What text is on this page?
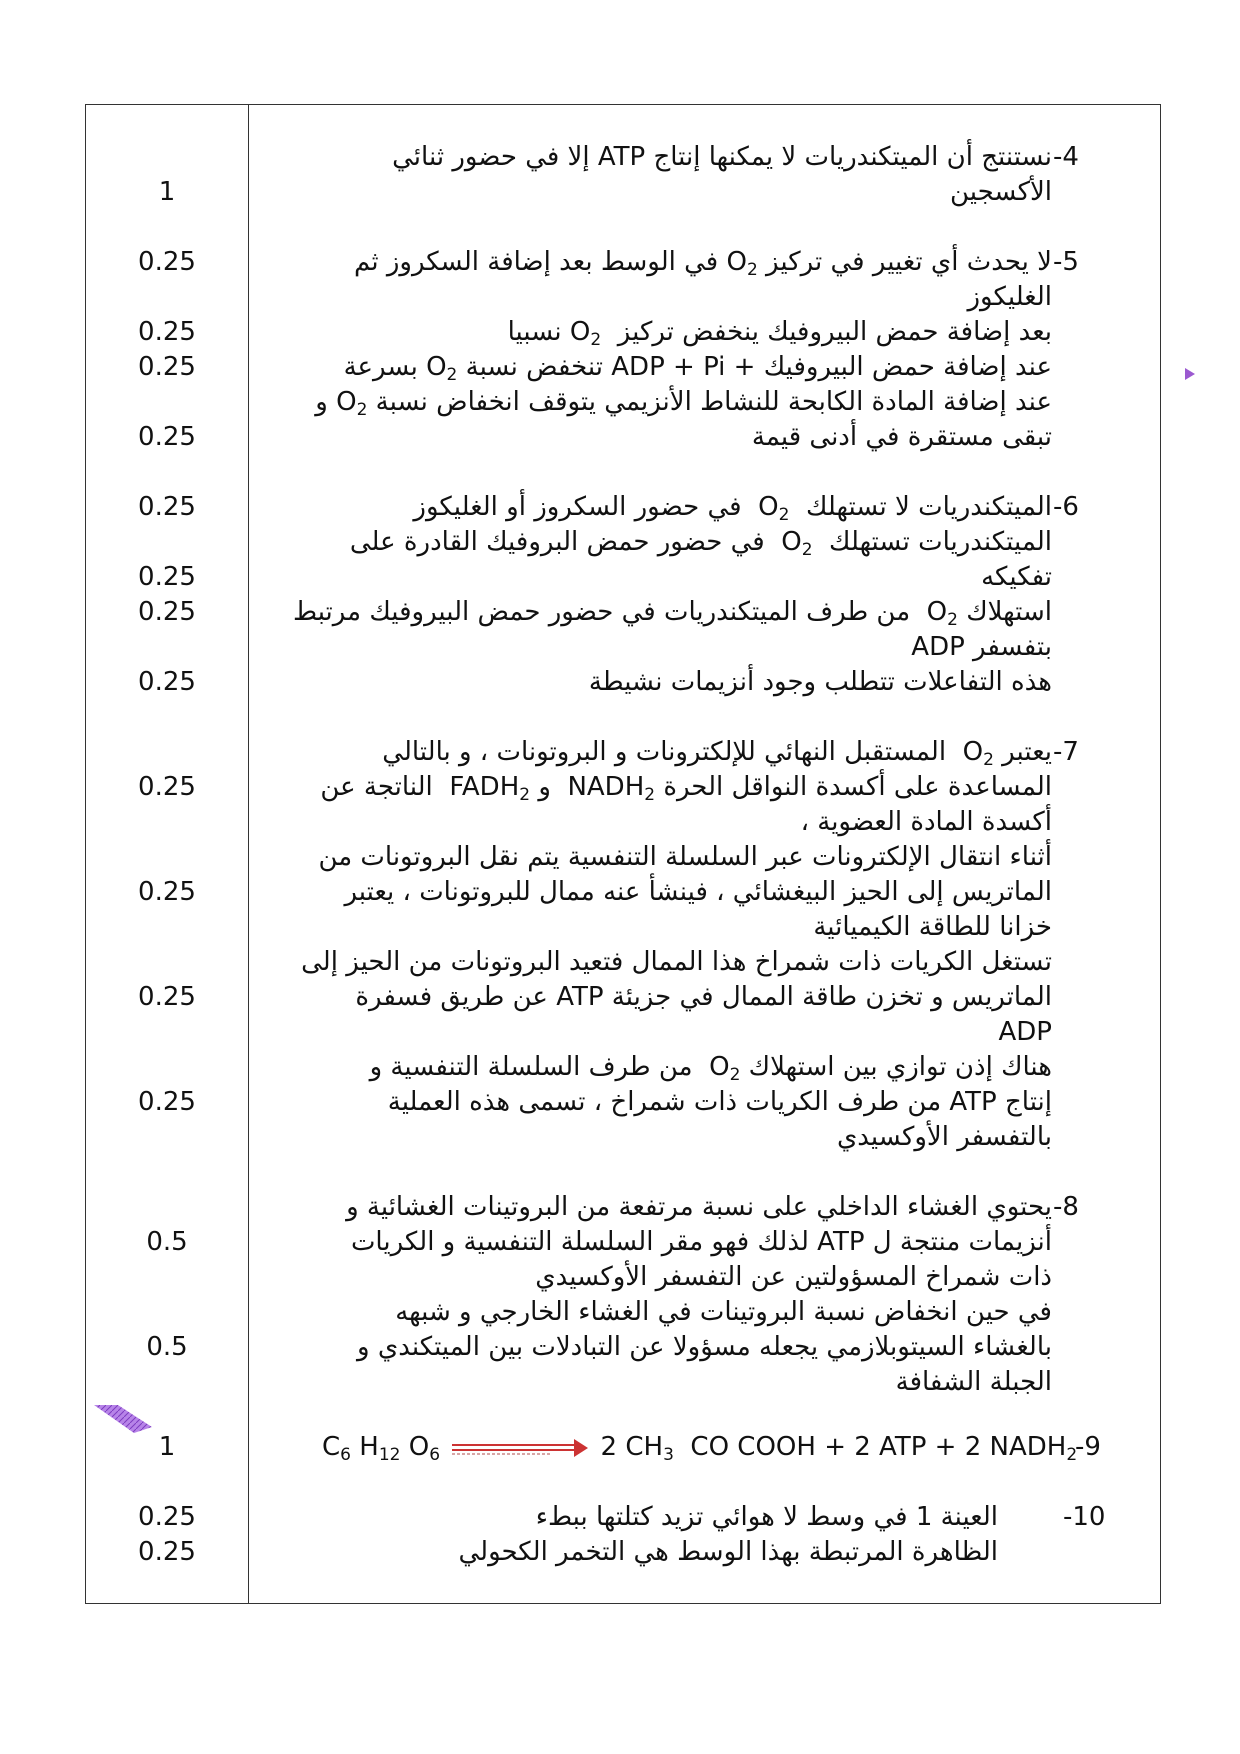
-4
نستنتج أن الميتكندريات لا يمكنها إنتاج ATP إلا في حضور ثنائي
الأكسجين
-5
لا يحدث أي تغيير في تركيز $O_2$ في الوسط بعد إضافة السكروز ثم
الغليكوز
بعد إضافة حمض البيروفيك ينخفض تركيز  $O_2$ نسبيا
عند إضافة حمض البيروفيك + ADP + Pi تنخفض نسبة $O_2$ بسرعة
عند إضافة المادة الكابحة للنشاط الأنزيمي يتوقف انخفاض نسبة $O_2$ و
تبقى مستقرة في أدنى قيمة
-6
الميتكندريات لا تستهلك  $O_2$  في حضور السكروز أو الغليكوز
الميتكندريات تستهلك  $O_2$  في حضور حمض البروفيك القادرة على
تفكيكه
استهلاك $O_2$  من طرف الميتكندريات في حضور حمض البيروفيك مرتبط
بتفسفر ADP
هذه التفاعلات تتطلب وجود أنزيمات نشيطة
-7
يعتبر $O_2$  المستقبل النهائي للإلكترونات و البروتونات ، و بالتالي
المساعدة على أكسدة النواقل الحرة $NADH_2$  و $FADH_2$  الناتجة عن
أكسدة المادة العضوية ،
أثناء انتقال الإلكترونات عبر السلسلة التنفسية يتم نقل البروتونات من
الماتريس إلى الحيز البيغشائي ، فينشأ عنه ممال للبروتونات ، يعتبر
خزانا للطاقة الكيميائية
تستغل الكريات ذات شمراخ هذا الممال فتعيد البروتونات من الحيز إلى
الماتريس و تخزن طاقة الممال في جزيئة ATP عن طريق فسفرة
ADP
هناك إذن توازي بين استهلاك $O_2$  من طرف السلسلة التنفسية و
إنتاج ATP من طرف الكريات ذات شمراخ ، تسمى هذه العملية
بالتفسفر الأوكسيدي
-8
يحتوي الغشاء الداخلي على نسبة مرتفعة من البروتينات الغشائية و
أنزيمات منتجة ل ATP لذلك فهو مقر السلسلة التنفسية و الكريات
ذات شمراخ المسؤولتين عن التفسفر الأوكسيدي
في حين انخفاض نسبة البروتينات في الغشاء الخارجي و شبهه
بالغشاء السيتوبلازمي يجعله مسؤولا عن التبادلات بين الميتكندي و
الجبلة الشفافة
$C_6$ $H_{12}$ $O_6$	2 $CH_3$  CO COOH + 2 ATP + 2 $NADH_2$
-9
-10
العينة 1 في وسط لا هوائي تزيد كتلتها ببطء
الظاهرة المرتبطة بهذا الوسط هي التخمر الكحولي
1
0.25
0.25
0.25
0.25
0.25
0.25
0.25
0.25
0.25
0.25
0.25
0.25
0.5
0.5
1
0.25
0.25
